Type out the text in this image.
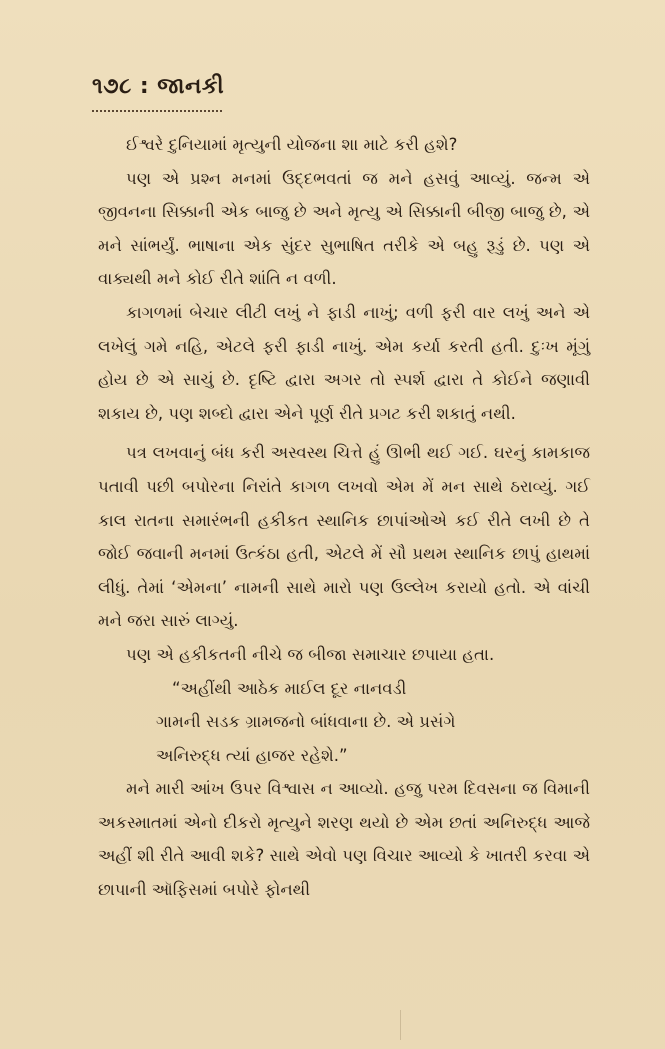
૧૭૮ : જાનકી

ઈશ્વરે દુનિયામાં મૃત્યુની યોજના શા માટે કરી હશે?

પણ એ પ્રશ્ન મનમાં ઉદ્દભવતાં જ મને હસવું આવ્યું. જન્મ એ જીવનના સિક્કાની એક બાજુ છે અને મૃત્યુ એ સિક્કાની બીજી બાજુ છે, એ મને સાંભર્યું. ભાષાના એક સુંદર સુભાષિત તરીકે એ બહુ રૂડું છે. પણ એ વાક્યથી મને કોઈ રીતે શાંતિ ન વળી.

કાગળમાં બેચાર લીટી લખું ને ફાડી નાખું; વળી ફરી વાર લખું અને એ લખેલું ગમે નહિ, એટલે ફરી ફાડી નાખું. એમ કર્યા કરતી હતી. દુઃખ મૂંગું હોય છે એ સાચું છે. દૃષ્ટિ દ્વારા અગર તો સ્પર્શ દ્વારા તે કોઈને જણાવી શકાય છે, પણ શબ્દો દ્વારા એને પૂર્ણ રીતે પ્રગટ કરી શકાતું નથી.

પત્ર લખવાનું બંધ કરી અસ્વસ્થ ચિત્તે હું ઊભી થઈ ગઈ. ઘરનું કામકાજ પતાવી પછી બપોરના નિરાંતે કાગળ લખવો એમ મેં મન સાથે ઠરાવ્યું. ગઈ કાલ રાતના સમારંભની હકીકત સ્થાનિક છાપાંઓએ કઈ રીતે લખી છે તે જોઈ જવાની મનમાં ઉત્કંઠા હતી, એટલે મેં સૌ પ્રથમ સ્થાનિક છાપું હાથમાં લીધું. તેમાં ‘એમના’ નામની સાથે મારો પણ ઉલ્લેખ કરાયો હતો. એ વાંચી મને જરા સારું લાગ્યું.

પણ એ હકીકતની નીચે જ બીજા સમાચાર છપાયા હતા.

“અહીંથી આઠેક માઈલ દૂર નાનવડી
ગામની સડક ગ્રામજનો બાંધવાના છે. એ પ્રસંગે
અનિરુદ્ધ ત્યાં હાજર રહેશે.”

મને મારી આંખ ઉપર વિશ્વાસ ન આવ્યો. હજુ પરમ દિવસના જ વિમાની અકસ્માતમાં એનો દીકરો મૃત્યુને શરણ થયો છે એમ છતાં અનિરુદ્ધ આજે અહીં શી રીતે આવી શકે? સાથે એવો પણ વિચાર આવ્યો કે ખાતરી કરવા એ છાપાની ઑફિસમાં બપોરે ફોનથી
